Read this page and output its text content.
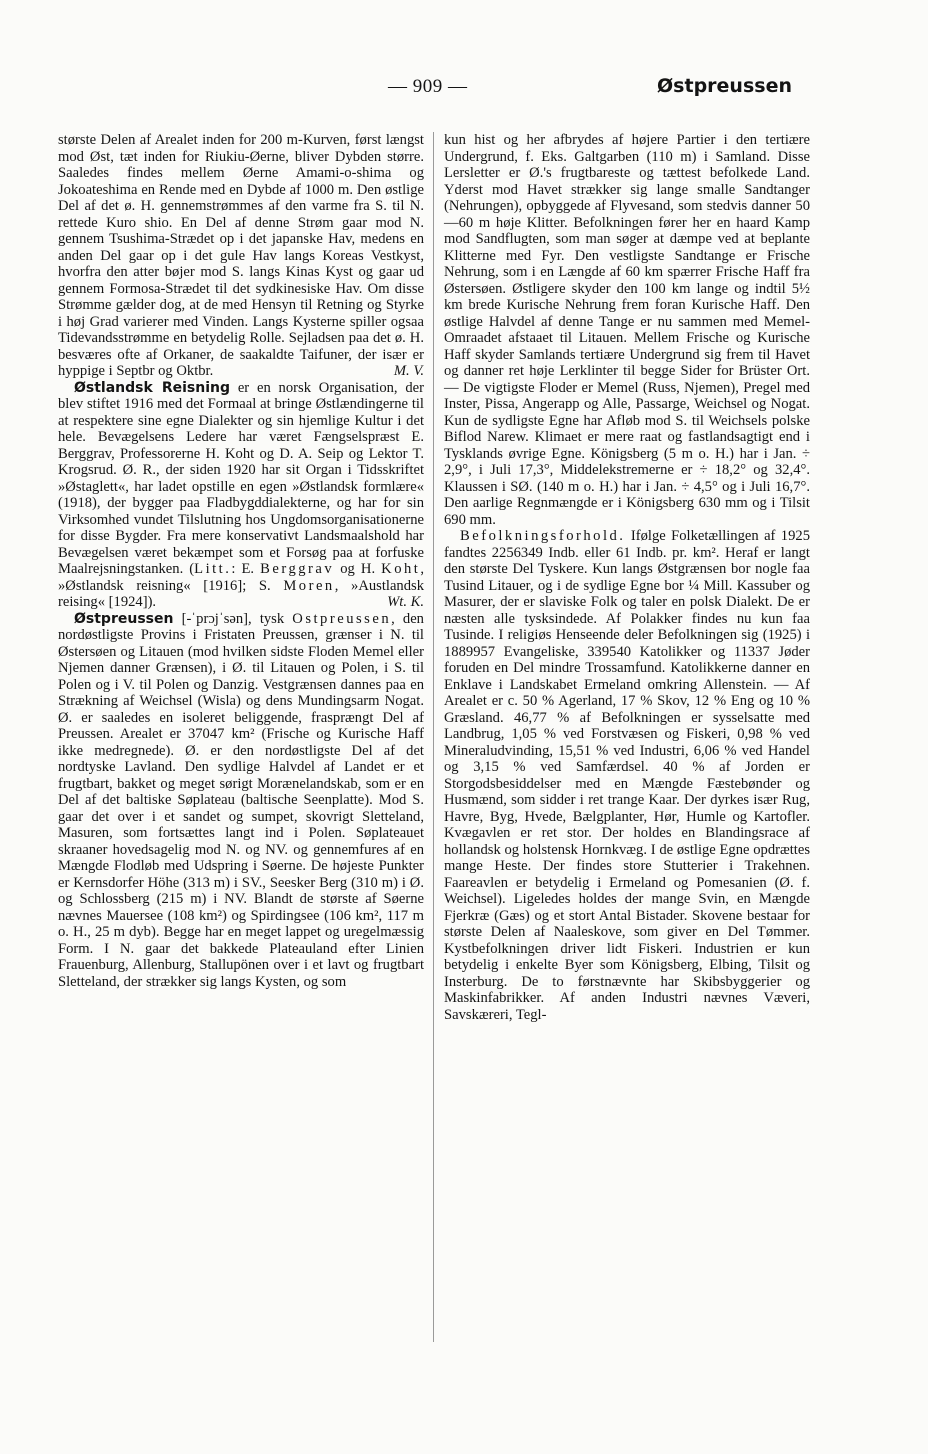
— 909 —	Østpreussen

største Delen af Arealet inden for 200 m-Kurven, først længst mod Øst, tæt inden for Riukiu-Øerne, bliver Dybden større. Saaledes findes mellem Øerne Amami-o-shima og Jokoateshima en Rende med en Dybde af 1000 m. Den østlige Del af det ø. H. gennemstrømmes af den varme fra S. til N. rettede Kuro shio. En Del af denne Strøm gaar mod N. gennem Tsushima-Strædet op i det japanske Hav, medens en anden Del gaar op i det gule Hav langs Koreas Vestkyst, hvorfra den atter bøjer mod S. langs Kinas Kyst og gaar ud gennem Formosa-Strædet til det sydkinesiske Hav. Om disse Strømme gælder dog, at de med Hensyn til Retning og Styrke i høj Grad varierer med Vinden. Langs Kysterne spiller ogsaa Tidevandsstrømme en betydelig Rolle. Sejladsen paa det ø. H. besværes ofte af Orkaner, de saakaldte Taifuner, der især er hyppige i Septbr og Oktbr.	M. V.

Østlandsk Reisning er en norsk Organisation, der blev stiftet 1916 med det Formaal at bringe Østlændingerne til at respektere sine egne Dialekter og sin hjemlige Kultur i det hele. Bevægelsens Ledere har været Fængselspræst E. Berggrav, Professorerne H. Koht og D. A. Seip og Lektor T. Krogsrud. Ø. R., der siden 1920 har sit Organ i Tidsskriftet »Østaglett«, har ladet opstille en egen »Østlandsk formlære« (1918), der bygger paa Fladbygddialekterne, og har for sin Virksomhed vundet Tilslutning hos Ungdomsorganisationerne for disse Bygder. Fra mere konservativt Landsmaalshold har Bevægelsen været bekæmpet som et Forsøg paa at forfuske Maalrejsningstanken. (Litt.: E. Berggrav og H. Koht, »Østlandsk reisning« [1916]; S. Moren, »Austlandsk reising« [1924]).	Wt. K.

Østpreussen [-ˈprɔjˈsən], tysk Ostpreussen, den nordøstligste Provins i Fristaten Preussen, grænser i N. til Østersøen og Litauen (mod hvilken sidste Floden Memel eller Njemen danner Grænsen), i Ø. til Litauen og Polen, i S. til Polen og i V. til Polen og Danzig. Vestgrænsen dannes paa en Strækning af Weichsel (Wisla) og dens Mundingsarm Nogat. Ø. er saaledes en isoleret beliggende, frasprængt Del af Preussen. Arealet er 37047 km² (Frische og Kurische Haff ikke medregnede). Ø. er den nordøstligste Del af det nordtyske Lavland. Den sydlige Halvdel af Landet er et frugtbart, bakket og meget sørigt Morænelandskab, som er en Del af det baltiske Søplateau (baltische Seenplatte). Mod S. gaar det over i et sandet og sumpet, skovrigt Sletteland, Masuren, som fortsættes langt ind i Polen. Søplateauet skraaner hovedsagelig mod N. og NV. og gennemfures af en Mængde Flodløb med Udspring i Søerne. De højeste Punkter er Kernsdorfer Höhe (313 m) i SV., Seesker Berg (310 m) i Ø. og Schlossberg (215 m) i NV. Blandt de største af Søerne nævnes Mauersee (108 km²) og Spirdingsee (106 km², 117 m o. H., 25 m dyb). Begge har en meget lappet og uregelmæssig Form. I N. gaar det bakkede Plateauland efter Linien Frauenburg, Allenburg, Stallupönen over i et lavt og frugtbart Sletteland, der strækker sig langs Kysten, og som

kun hist og her afbrydes af højere Partier i den tertiære Undergrund, f. Eks. Galtgarben (110 m) i Samland. Disse Lersletter er Ø.'s frugtbareste og tættest befolkede Land. Yderst mod Havet strækker sig lange smalle Sandtanger (Nehrungen), opbyggede af Flyvesand, som stedvis danner 50—60 m høje Klitter. Befolkningen fører her en haard Kamp mod Sandflugten, som man søger at dæmpe ved at beplante Klitterne med Fyr. Den vestligste Sandtange er Frische Nehrung, som i en Længde af 60 km spærrer Frische Haff fra Østersøen. Østligere skyder den 100 km lange og indtil 5½ km brede Kurische Nehrung frem foran Kurische Haff. Den østlige Halvdel af denne Tange er nu sammen med Memel-Omraadet afstaaet til Litauen. Mellem Frische og Kurische Haff skyder Samlands tertiære Undergrund sig frem til Havet og danner ret høje Lerklintеr til begge Sider for Brüster Ort. — De vigtigste Floder er Memel (Russ, Njemen), Pregel med Inster, Pissa, Angerapp og Alle, Passarge, Weichsel og Nogat. Kun de sydligste Egne har Afløb mod S. til Weichsels polske Biflod Narew. Klimaet er mere raat og fastlandsagtigt end i Tysklands øvrige Egne. Königsberg (5 m o. H.) har i Jan. ÷ 2,9°, i Juli 17,3°, Middelekstremerne er ÷ 18,2° og 32,4°. Klaussen i SØ. (140 m o. H.) har i Jan. ÷ 4,5° og i Juli 16,7°. Den aarlige Regnmængde er i Königsberg 630 mm og i Tilsit 690 mm.

Befolkningsforhold. Ifølge Folketællingen af 1925 fandtes 2256349 Indb. eller 61 Indb. pr. km². Heraf er langt den største Del Tyskere. Kun langs Østgrænsen bor nogle faa Tusind Litauer, og i de sydlige Egne bor ¼ Mill. Kassuber og Masurer, der er slaviske Folk og taler en polsk Dialekt. De er næsten alle tysksindede. Af Polakker findes nu kun faa Tusinde. I religiøs Henseende deler Befolkningen sig (1925) i 1889957 Evangeliske, 339540 Katolikker og 11337 Jøder foruden en Del mindre Trossamfund. Katolikkerne danner en Enklave i Landskabet Ermeland omkring Allenstein. — Af Arealet er c. 50 % Agerland, 17 % Skov, 12 % Eng og 10 % Græsland. 46,77 % af Befolkningen er sysselsatte med Landbrug, 1,05 % ved Forstvæsen og Fiskeri, 0,98 % ved Mineraludvinding, 15,51 % ved Industri, 6,06 % ved Handel og 3,15 % ved Samfærdsel. 40 % af Jorden er Storgodsbesiddelser med en Mængde Fæstebønder og Husmænd, som sidder i ret trange Kaar. Der dyrkes især Rug, Havre, Byg, Hvede, Bælgplanter, Hør, Humle og Kartofler. Kvægavlen er ret stor. Der holdes en Blandingsrace af hollandsk og holstensk Hornkvæg. I de østlige Egne opdrættes mange Heste. Der findes store Stutterier i Trakehnen. Faareavlen er betydelig i Ermeland og Pomesanien (Ø. f. Weichsel). Ligeledes holdes der mange Svin, en Mængde Fjerkræ (Gæs) og et stort Antal Bistader. Skovene bestaar for største Delen af Naaleskove, som giver en Del Tømmer. Kystbefolkningen driver lidt Fiskeri. Industrien er kun betydelig i enkelte Byer som Königsberg, Elbing, Tilsit og Insterburg. De to førstnævnte har Skibsbyggerier og Maskinfabrikker. Af anden Industri nævnes Væveri, Savskæreri, Tegl-
